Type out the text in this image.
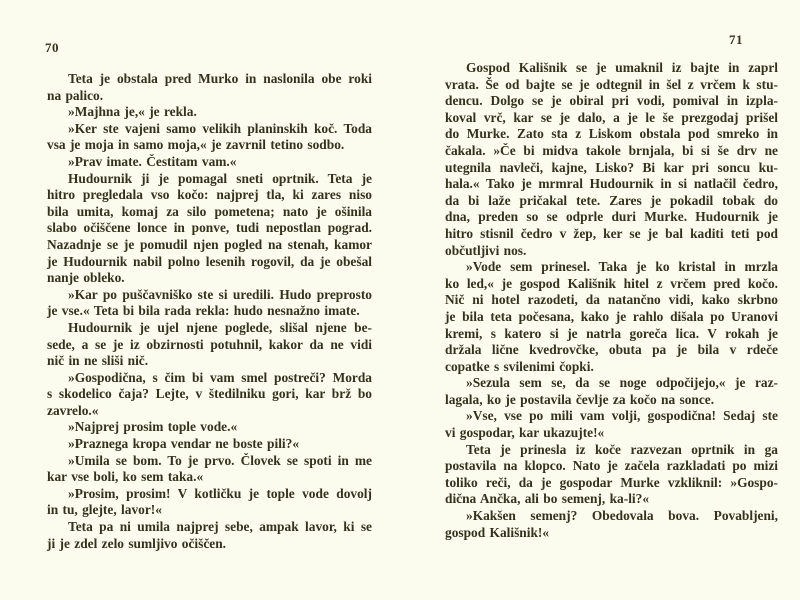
70
71
Teta je obstala pred Murko in naslonila obe roki
na palico.
»Majhna je,« je rekla.
»Ker ste vajeni samo velikih planinskih koč. Toda
vsa je moja in samo moja,« je zavrnil tetino sodbo.
»Prav imate. Čestitam vam.«
Hudournik ji je pomagal sneti oprtnik. Teta je
hitro pregledala vso kočo: najprej tla, ki zares niso
bila umita, komaj za silo pometena; nato je ošinila
slabo očiščene lonce in ponve, tudi nepostlan pograd.
Nazadnje se je pomudil njen pogled na stenah, kamor
je Hudournik nabil polno lesenih rogovil, da je obešal
nanje obleko.
»Kar po puščavniško ste si uredili. Hudo preprosto
je vse.« Teta bi bila rada rekla: hudo nesnažno imate.
Hudournik je ujel njene poglede, slišal njene be-
sede, a se je iz obzirnosti potuhnil, kakor da ne vidi
nič in ne sliši nič.
»Gospodična, s čim bi vam smel postreči? Morda
s skodelico čaja? Lejte, v štedilniku gori, kar brž bo
zavrelo.«
»Najprej prosim tople vode.«
»Praznega kropa vendar ne boste pili?«
»Umila se bom. To je prvo. Človek se spoti in me
kar vse boli, ko sem taka.«
»Prosim, prosim! V kotličku je tople vode dovolj
in tu, glejte, lavor!«
Teta pa ni umila najprej sebe, ampak lavor, ki se
ji je zdel zelo sumljivo očiščen.
Gospod Kališnik se je umaknil iz bajte in zaprl
vrata. Še od bajte se je odtegnil in šel z vrčem k stu-
dencu. Dolgo se je obiral pri vodi, pomival in izpla-
koval vrč, kar se je dalo, a je le še prezgodaj prišel
do Murke. Zato sta z Liskom obstala pod smreko in
čakala. »Če bi midva takole brnjala, bi si še drv ne
utegnila navleči, kajne, Lisko? Bi kar pri soncu ku-
hala.« Tako je mrmral Hudournik in si natlačil čedro,
da bi laže pričakal tete. Zares je pokadil tobak do
dna, preden so se odprle duri Murke. Hudournik je
hitro stisnil čedro v žep, ker se je bal kaditi teti pod
občutljivi nos.
»Vode sem prinesel. Taka je ko kristal in mrzla
ko led,« je gospod Kališnik hitel z vrčem pred kočo.
Nič ni hotel razodeti, da natančno vidi, kako skrbno
je bila teta počesana, kako je rahlo dišala po Uranovi
kremi, s katero si je natrla goreča lica. V rokah je
držala lične kvedrovčke, obuta pa je bila v rdeče
copatke s svilenimi čopki.
»Sezula sem se, da se noge odpočijejo,« je raz-
lagala, ko je postavila čevlje za kočo na sonce.
»Vse, vse po mili vam volji, gospodična! Sedaj ste
vi gospodar, kar ukazujte!«
Teta je prinesla iz koče razvezan oprtnik in ga
postavila na klopco. Nato je začela razkladati po mizi
toliko reči, da je gospodar Murke vzkliknil: »Gospo-
dična Ančka, ali bo semenj, ka-li?«
»Kakšen semenj? Obedovala bova. Povabljeni,
gospod Kališnik!«
